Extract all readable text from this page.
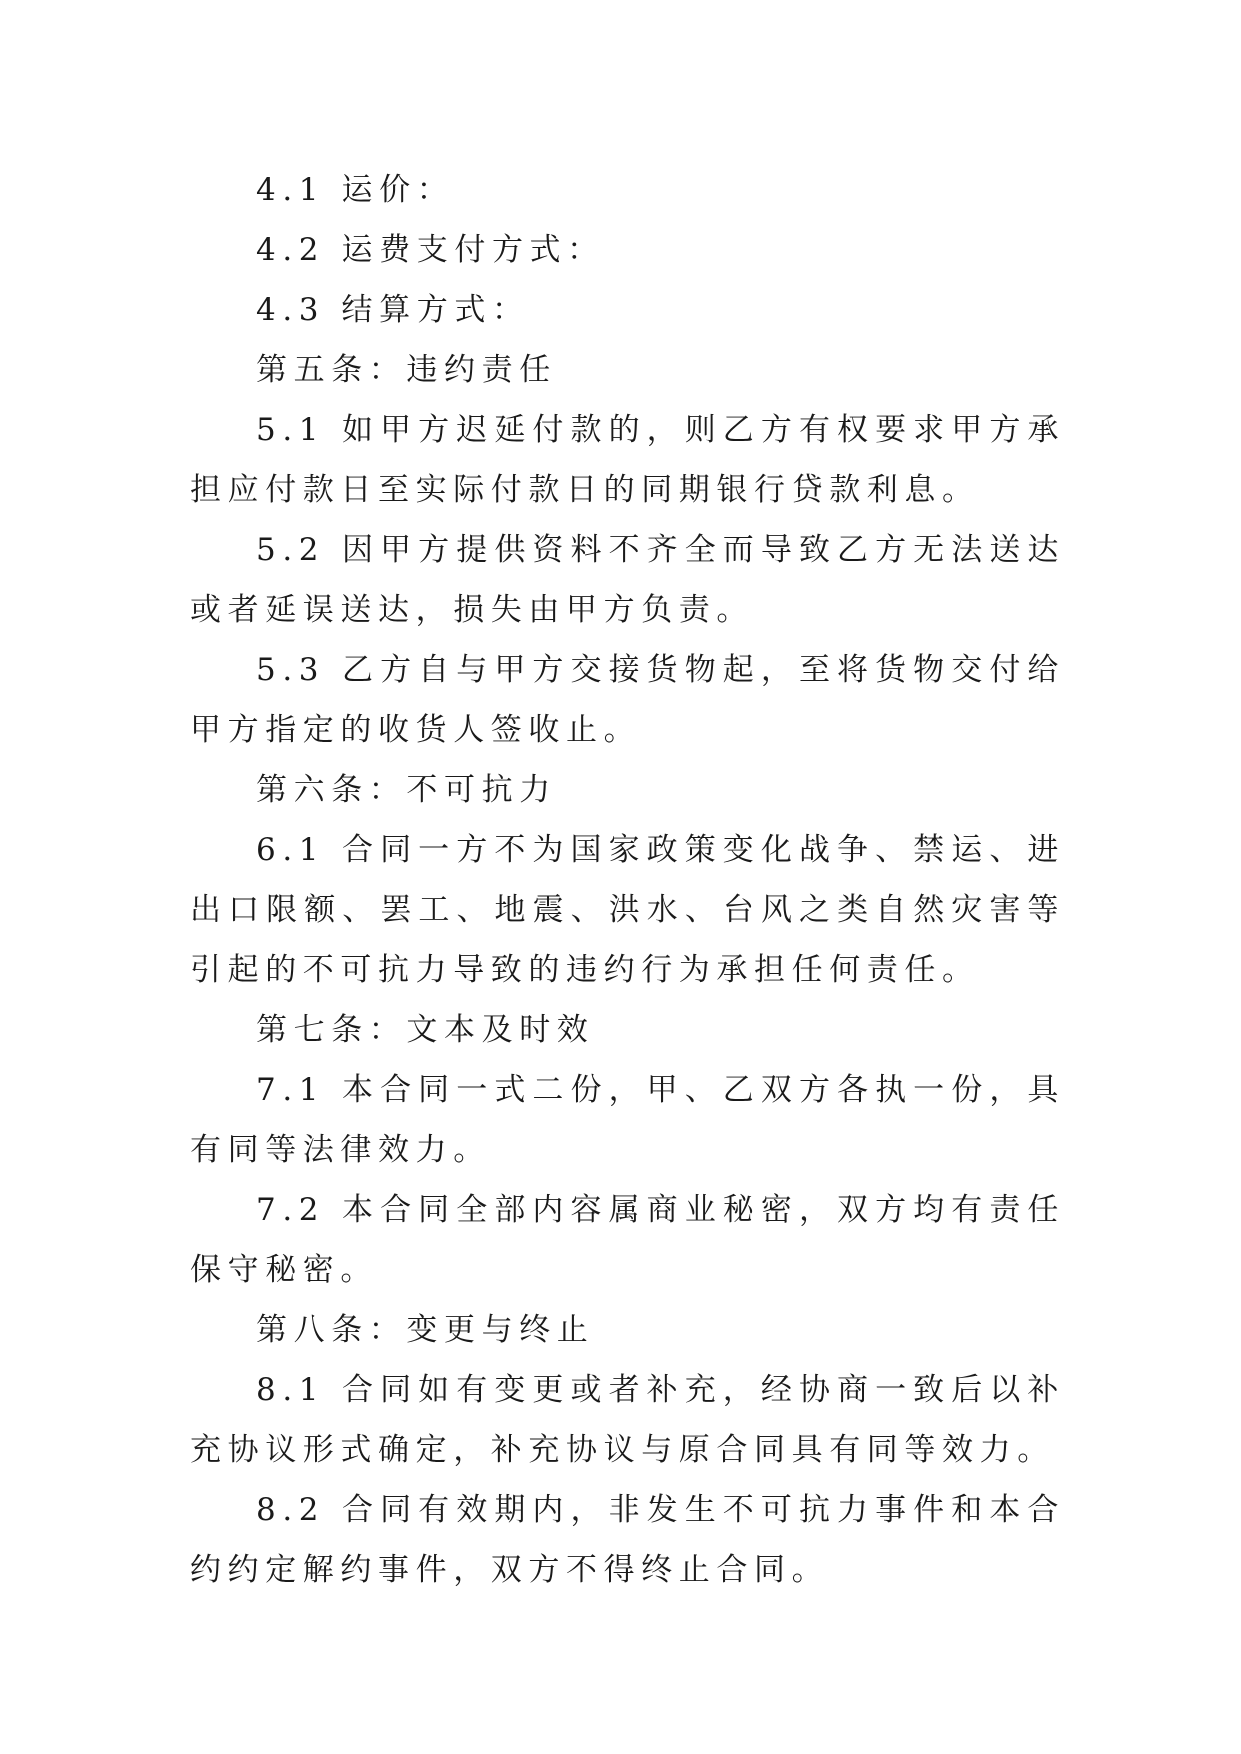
4.1 运价：

4.2 运费支付方式：

4.3 结算方式：

第五条：违约责任

5.1 如甲方迟延付款的，则乙方有权要求甲方承担应付款日至实际付款日的同期银行贷款利息。

5.2 因甲方提供资料不齐全而导致乙方无法送达或者延误送达，损失由甲方负责。

5.3 乙方自与甲方交接货物起，至将货物交付给甲方指定的收货人签收止。

第六条：不可抗力

6.1 合同一方不为国家政策变化战争、禁运、进出口限额、罢工、地震、洪水、台风之类自然灾害等引起的不可抗力导致的违约行为承担任何责任。

第七条：文本及时效

7.1 本合同一式二份，甲、乙双方各执一份，具有同等法律效力。

7.2 本合同全部内容属商业秘密，双方均有责任保守秘密。

第八条：变更与终止

8.1 合同如有变更或者补充，经协商一致后以补充协议形式确定，补充协议与原合同具有同等效力。

8.2 合同有效期内，非发生不可抗力事件和本合约约定解约事件，双方不得终止合同。
